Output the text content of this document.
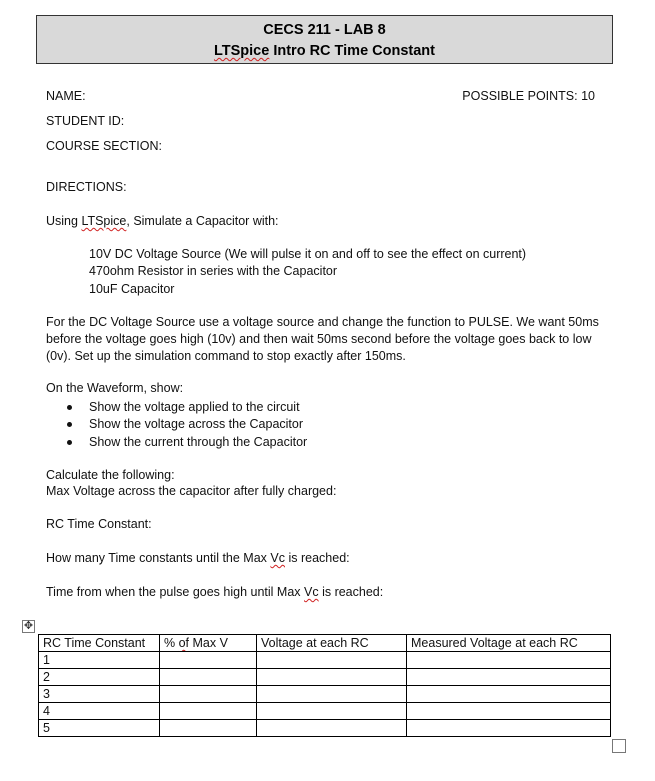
CECS 211 - LAB 8
LTSpice Intro RC Time Constant
NAME:	POSSIBLE POINTS: 10
STUDENT ID:
COURSE SECTION:
DIRECTIONS:
Using LTSpice, Simulate a Capacitor with:
10V DC Voltage Source (We will pulse it on and off to see the effect on current)
470ohm Resistor in series with the Capacitor
10uF Capacitor
For the DC Voltage Source use a voltage source and change the function to PULSE. We want 50ms
before the voltage goes high (10v) and then wait 50ms second before the voltage goes back to low
(0v). Set up the simulation command to stop exactly after 150ms.
On the Waveform, show:
Show the voltage applied to the circuit
Show the voltage across the Capacitor
Show the current through the Capacitor
Calculate the following:
Max Voltage across the capacitor after fully charged:
RC Time Constant:
How many Time constants until the Max Vc is reached:
Time from when the pulse goes high until Max Vc is reached:
✥
RC Time Constant	% of Max V	Voltage at each RC	Measured Voltage at each RC
1			
2			
3			
4			
5			
